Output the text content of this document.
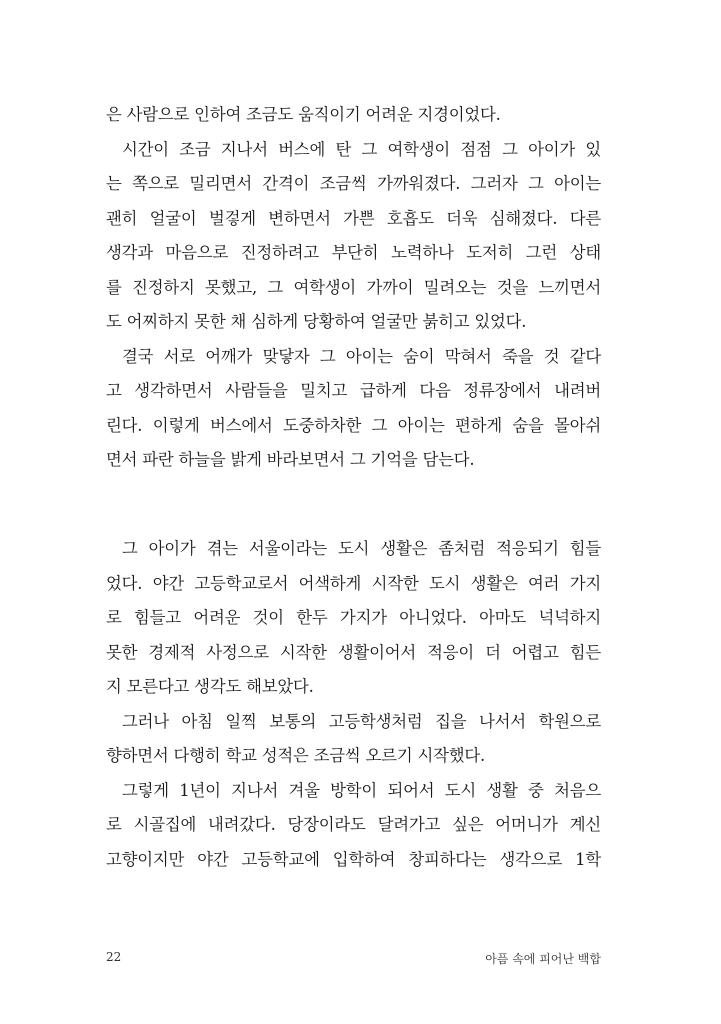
은 사람으로 인하여 조금도 움직이기 어려운 지경이었다.
시간이 조금 지나서 버스에 탄 그 여학생이 점점 그 아이가 있
는 쪽으로 밀리면서 간격이 조금씩 가까워졌다. 그러자 그 아이는
괜히 얼굴이 벌겋게 변하면서 가쁜 호흡도 더욱 심해졌다. 다른
생각과 마음으로 진정하려고 부단히 노력하나 도저히 그런 상태
를 진정하지 못했고, 그 여학생이 가까이 밀려오는 것을 느끼면서
도 어찌하지 못한 채 심하게 당황하여 얼굴만 붉히고 있었다.
결국 서로 어깨가 맞닿자 그 아이는 숨이 막혀서 죽을 것 같다
고 생각하면서 사람들을 밀치고 급하게 다음 정류장에서 내려버
린다. 이렇게 버스에서 도중하차한 그 아이는 편하게 숨을 몰아쉬
면서 파란 하늘을 밝게 바라보면서 그 기억을 담는다.
그 아이가 겪는 서울이라는 도시 생활은 좀처럼 적응되기 힘들
었다. 야간 고등학교로서 어색하게 시작한 도시 생활은 여러 가지
로 힘들고 어려운 것이 한두 가지가 아니었다. 아마도 넉넉하지
못한 경제적 사정으로 시작한 생활이어서 적응이 더 어렵고 힘든
지 모른다고 생각도 해보았다.
그러나 아침 일찍 보통의 고등학생처럼 집을 나서서 학원으로
향하면서 다행히 학교 성적은 조금씩 오르기 시작했다.
그렇게 1년이 지나서 겨울 방학이 되어서 도시 생활 중 처음으
로 시골집에 내려갔다. 당장이라도 달려가고 싶은 어머니가 계신
고향이지만 야간 고등학교에 입학하여 창피하다는 생각으로 1학
22	아픔 속에 피어난 백합
